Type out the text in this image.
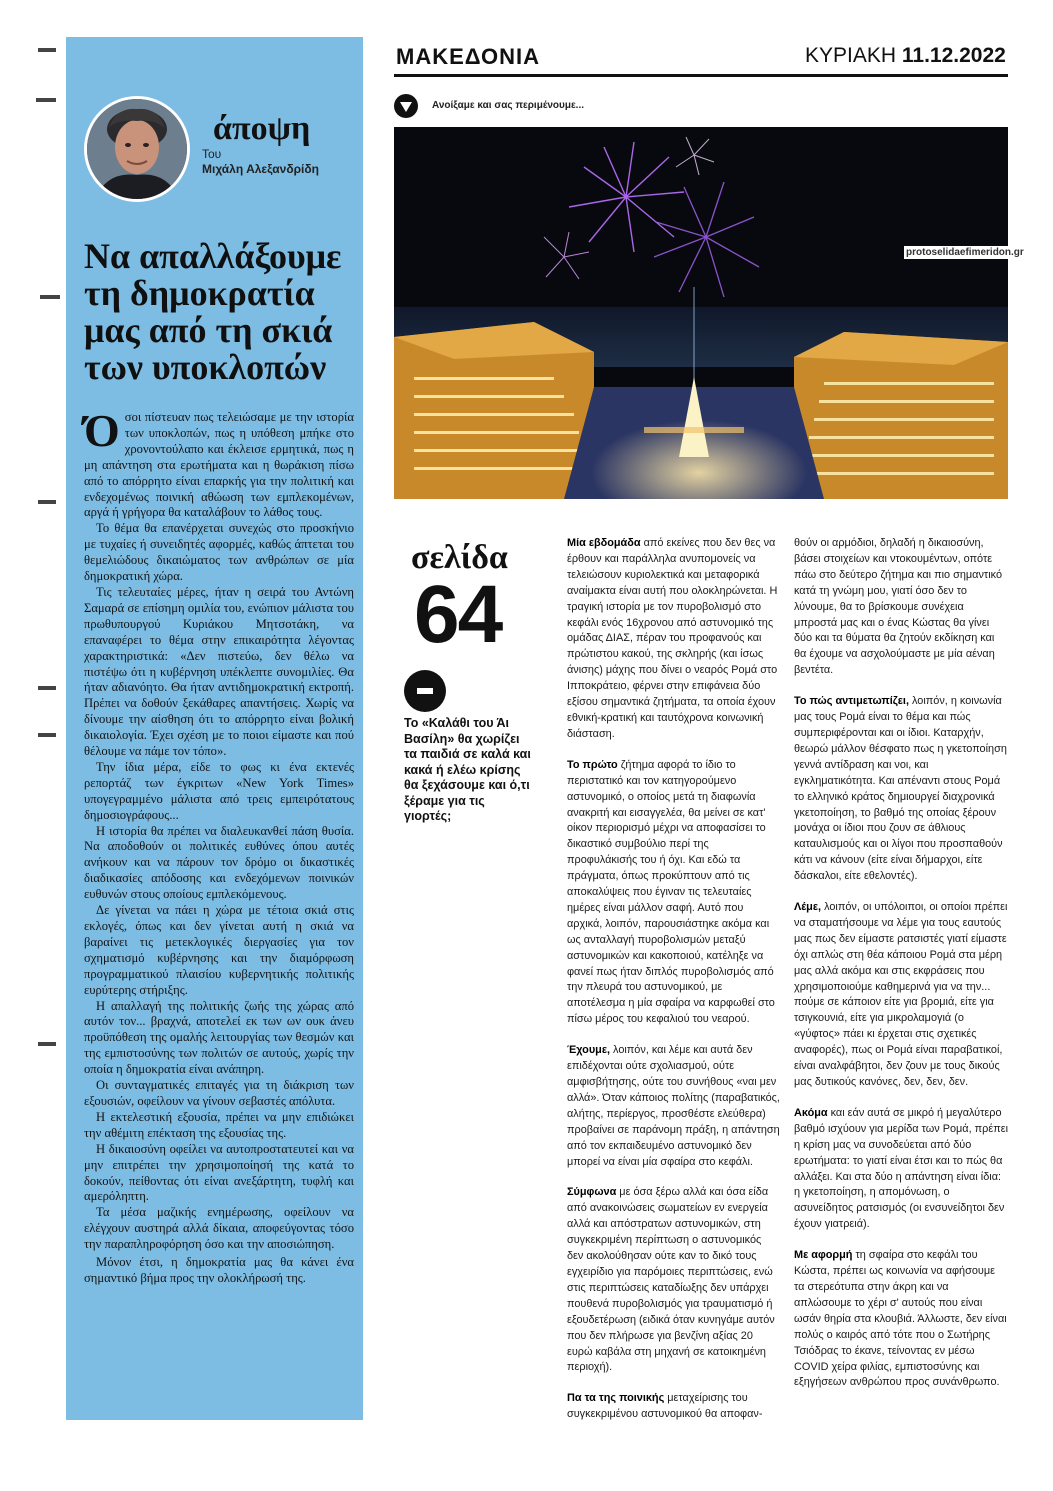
άποψη
Του
Μιχάλη Αλεξανδρίδη
Να απαλλάξουμε τη δημοκρατία μας από τη σκιά των υποκλοπών

Όσοι πίστευαν πως τελειώσαμε με την ιστορία των υποκλοπών, πως η υπόθεση μπήκε στο χρονοντούλαπο και έκλεισε ερμητικά, πως η μη απάντηση στα ερωτήματα και η θωράκιση πίσω από το απόρρητο είναι επαρκής για την πολιτική και ενδεχομένως ποινική αθώωση των εμπλεκομένων, αργά ή γρήγορα θα καταλάβουν το λάθος τους.

Το θέμα θα επανέρχεται συνεχώς στο προσκήνιο με τυχαίες ή συνειδητές αφορμές, καθώς άπτεται του θεμελιώδους δικαιώματος των ανθρώπων σε μία δημοκρατική χώρα.

Τις τελευταίες μέρες, ήταν η σειρά του Αντώνη Σαμαρά σε επίσημη ομιλία του, ενώπιον μάλιστα του πρωθυπουργού Κυριάκου Μητσοτάκη, να επαναφέρει το θέμα στην επικαιρότητα λέγοντας χαρακτηριστικά: «Δεν πιστεύω, δεν θέλω να πιστέψω ότι η κυβέρνηση υπέκλεπτε συνομιλίες. Θα ήταν αδιανόητο. Θα ήταν αντιδημοκρατική εκτροπή. Πρέπει να δοθούν ξεκάθαρες απαντήσεις. Χωρίς να δίνουμε την αίσθηση ότι το απόρρητο είναι βολική δικαιολογία. Έχει σχέση με το ποιοι είμαστε και πού θέλουμε να πάμε τον τόπο».

Την ίδια μέρα, είδε το φως κι ένα εκτενές ρεπορτάζ των έγκριτων «New York Times» υπογεγραμμένο μάλιστα από τρεις εμπειρότατους δημοσιογράφους...

Η ιστορία θα πρέπει να διαλευκανθεί πάση θυσία. Να αποδοθούν οι πολιτικές ευθύνες όπου αυτές ανήκουν και να πάρουν τον δρόμο οι δικαστικές διαδικασίες απόδοσης και ενδεχόμενων ποινικών ευθυνών στους οποίους εμπλεκόμενους.

Δε γίνεται να πάει η χώρα με τέτοια σκιά στις εκλογές, όπως και δεν γίνεται αυτή η σκιά να βαραίνει τις μετεκλογικές διεργασίες για τον σχηματισμό κυβέρνησης και την διαμόρφωση προγραμματικού πλαισίου κυβερνητικής πολιτικής ευρύτερης στήριξης.

Η απαλλαγή της πολιτικής ζωής της χώρας από αυτόν τον... βραχνά, αποτελεί εκ των ων ουκ άνευ προϋπόθεση της ομαλής λειτουργίας των θεσμών και της εμπιστοσύνης των πολιτών σε αυτούς, χωρίς την οποία η δημοκρατία είναι ανάπηρη.

Οι συνταγματικές επιταγές για τη διάκριση των εξουσιών, οφείλουν να γίνουν σεβαστές απόλυτα.

Η εκτελεστική εξουσία, πρέπει να μην επιδιώκει την αθέμιτη επέκταση της εξουσίας της.

Η δικαιοσύνη οφείλει να αυτοπροστατευτεί και να μην επιτρέπει την χρησιμοποίησή της κατά το δοκούν, πείθοντας ότι είναι ανεξάρτητη, τυφλή και αμερόληπτη.

Τα μέσα μαζικής ενημέρωσης, οφείλουν να ελέγχουν αυστηρά αλλά δίκαια, αποφεύγοντας τόσο την παραπληροφόρηση όσο και την αποσιώπηση.

Μόνον έτσι, η δημοκρατία μας θα κάνει ένα σημαντικό βήμα προς την ολοκλήρωσή της.

ΜΑΚΕΔΟΝΙΑ	ΚΥΡΙΑΚΗ 11.12.2022
Ανοίξαμε και σας περιμένουμε...
protoselidaefimeridon.gr
σελίδα
64
Το «Καλάθι του Άι Βασίλη» θα χωρίζει τα παιδιά σε καλά και κακά ή ελέω κρίσης θα ξεχάσουμε και ό,τι ξέραμε για τις γιορτές;

Μία εβδομάδα από εκείνες που δεν θες να έρθουν και παράλληλα ανυπομονείς να τελειώσουν κυριολεκτικά και μεταφορικά αναίμακτα είναι αυτή που ολοκληρώνεται. Η τραγική ιστορία με τον πυροβολισμό στο κεφάλι ενός 16χρονου από αστυνομικό της ομάδας ΔΙΑΣ, πέραν του προφανούς και πρώτιστου κακού, της σκληρής (και ίσως άνισης) μάχης που δίνει ο νεαρός Ρομά στο Ιπποκράτειο, φέρνει στην επιφάνεια δύο εξίσου σημαντικά ζητήματα, τα οποία έχουν εθνική-κρατική και ταυτόχρονα κοινωνική διάσταση.

Το πρώτο ζήτημα αφορά το ίδιο το περιστατικό και τον κατηγορούμενο αστυνομικό, ο οποίος μετά τη διαφωνία ανακριτή και εισαγγελέα, θα μείνει σε κατ' οίκον περιορισμό μέχρι να αποφασίσει το δικαστικό συμβούλιο περί της προφυλάκισής του ή όχι. Και εδώ τα πράγματα, όπως προκύπτουν από τις αποκαλύψεις που έγιναν τις τελευταίες ημέρες είναι μάλλον σαφή. Αυτό που αρχικά, λοιπόν, παρουσιάστηκε ακόμα και ως ανταλλαγή πυροβολισμών μεταξύ αστυνομικών και κακοποιού, κατέληξε να φανεί πως ήταν διπλός πυροβολισμός από την πλευρά του αστυνομικού, με αποτέλεσμα η μία σφαίρα να καρφωθεί στο πίσω μέρος του κεφαλιού του νεαρού.

Έχουμε, λοιπόν, και λέμε και αυτά δεν επιδέχονται ούτε σχολιασμού, ούτε αμφισβήτησης, ούτε του συνήθους «ναι μεν αλλά». Όταν κάποιος πολίτης (παραβατικός, αλήτης, περίεργος, προσθέστε ελεύθερα) προβαίνει σε παράνομη πράξη, η απάντηση από τον εκπαιδευμένο αστυνομικό δεν μπορεί να είναι μία σφαίρα στο κεφάλι.

Σύμφωνα με όσα ξέρω αλλά και όσα είδα από ανακοινώσεις σωματείων εν ενεργεία αλλά και απόστρατων αστυνομικών, στη συγκεκριμένη περίπτωση ο αστυνομικός δεν ακολούθησαν ούτε καν το δικό τους εγχειρίδιο για παρόμοιες περιπτώσεις, ενώ στις περιπτώσεις καταδίωξης δεν υπάρχει πουθενά πυροβολισμός για τραυματισμό ή εξουδετέρωση (ειδικά όταν κυνηγάμε αυτόν που δεν πλήρωσε για βενζίνη αξίας 20 ευρώ καβάλα στη μηχανή σε κατοικημένη περιοχή).

Πα τα της ποινικής μεταχείρισης του συγκεκριμένου αστυνομικού θα αποφαν-

θούν οι αρμόδιοι, δηλαδή η δικαιοσύνη, βάσει στοιχείων και ντοκουμέντων, οπότε πάω στο δεύτερο ζήτημα και πιο σημαντικό κατά τη γνώμη μου, γιατί όσο δεν το λύνουμε, θα το βρίσκουμε συνέχεια μπροστά μας και ο ένας Κώστας θα γίνει δύο και τα θύματα θα ζητούν εκδίκηση και θα έχουμε να ασχολούμαστε με μία αέναη βεντέτα.

Το πώς αντιμετωπίζει, λοιπόν, η κοινωνία μας τους Ρομά είναι το θέμα και πώς συμπεριφέρονται και οι ίδιοι. Καταρχήν, θεωρώ μάλλον θέσφατο πως η γκετοποίηση γεννά αντίδραση και νοι, και εγκληματικότητα. Και απέναντι στους Ρομά το ελληνικό κράτος δημιουργεί διαχρονικά γκετοποίηση, το βαθμό της οποίας ξέρουν μονάχα οι ίδιοι που ζουν σε άθλιους καταυλισμούς και οι λίγοι που προσπαθούν κάτι να κάνουν (είτε είναι δήμαρχοι, είτε δάσκαλοι, είτε εθελοντές).

Λέμε, λοιπόν, οι υπόλοιποι, οι οποίοι πρέπει να σταματήσουμε να λέμε για τους εαυτούς μας πως δεν είμαστε ρατσιστές γιατί είμαστε όχι απλώς στη θέα κάποιου Ρομά στα μέρη μας αλλά ακόμα και στις εκφράσεις που χρησιμοποιούμε καθημερινά για να την... πούμε σε κάποιον είτε για βρομιά, είτε για τσιγκουνιά, είτε για μικρολαμογιά (ο «γύφτος» πάει κι έρχεται στις σχετικές αναφορές), πως οι Ρομά είναι παραβατικοί, είναι αναλφάβητοι, δεν ζουν με τους δικούς μας δυτικούς κανόνες, δεν, δεν, δεν.

Ακόμα και εάν αυτά σε μικρό ή μεγαλύτερο βαθμό ισχύουν για μερίδα των Ρομά, πρέπει η κρίση μας να συνοδεύεται από δύο ερωτήματα: το γιατί είναι έτσι και το πώς θα αλλάξει. Και στα δύο η απάντηση είναι ίδια: η γκετοποίηση, η απομόνωση, ο ασυνείδητος ρατσισμός (οι ενσυνείδητοι δεν έχουν γιατρειά).

Με αφορμή τη σφαίρα στο κεφάλι του Κώστα, πρέπει ως κοινωνία να αφήσουμε τα στερεότυπα στην άκρη και να απλώσουμε το χέρι σ' αυτούς που είναι ωσάν θηρία στα κλουβιά. Άλλωστε, δεν είναι πολύς ο καιρός από τότε που ο Σωτήρης Τσιόδρας το έκανε, τείνοντας εν μέσω COVID χείρα φιλίας, εμπιστοσύνης και εξηγήσεων ανθρώπου προς συνάνθρωπο.
